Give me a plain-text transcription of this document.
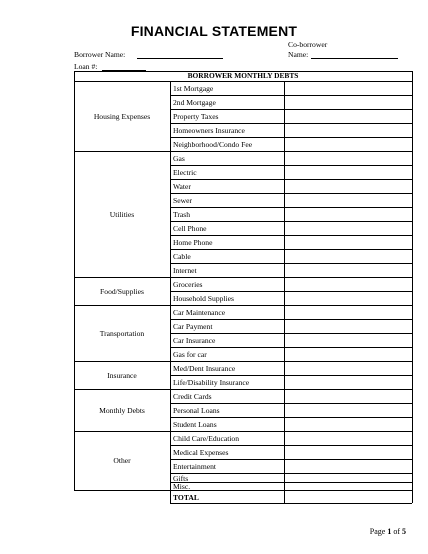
FINANCIAL STATEMENT
Borrower Name:
Co-borrower
Name:
Loan #:
BORROWER MONTHLY DEBTS
1st Mortgage
2nd Mortgage
Property Taxes
Homeowners Insurance
Neighborhood/Condo Fee
Housing Expenses
Gas
Electric
Water
Sewer
Trash
Cell Phone
Home Phone
Cable
Internet
Utilities
Groceries
Household Supplies
Food/Supplies
Car Maintenance
Car Payment
Car Insurance
Gas for car
Transportation
Med/Dent Insurance
Life/Disability Insurance
Insurance
Credit Cards
Personal Loans
Student Loans
Monthly Debts
Child Care/Education
Medical Expenses
Entertainment
Gifts
Misc.
Other
TOTAL
Page 1 of 5
